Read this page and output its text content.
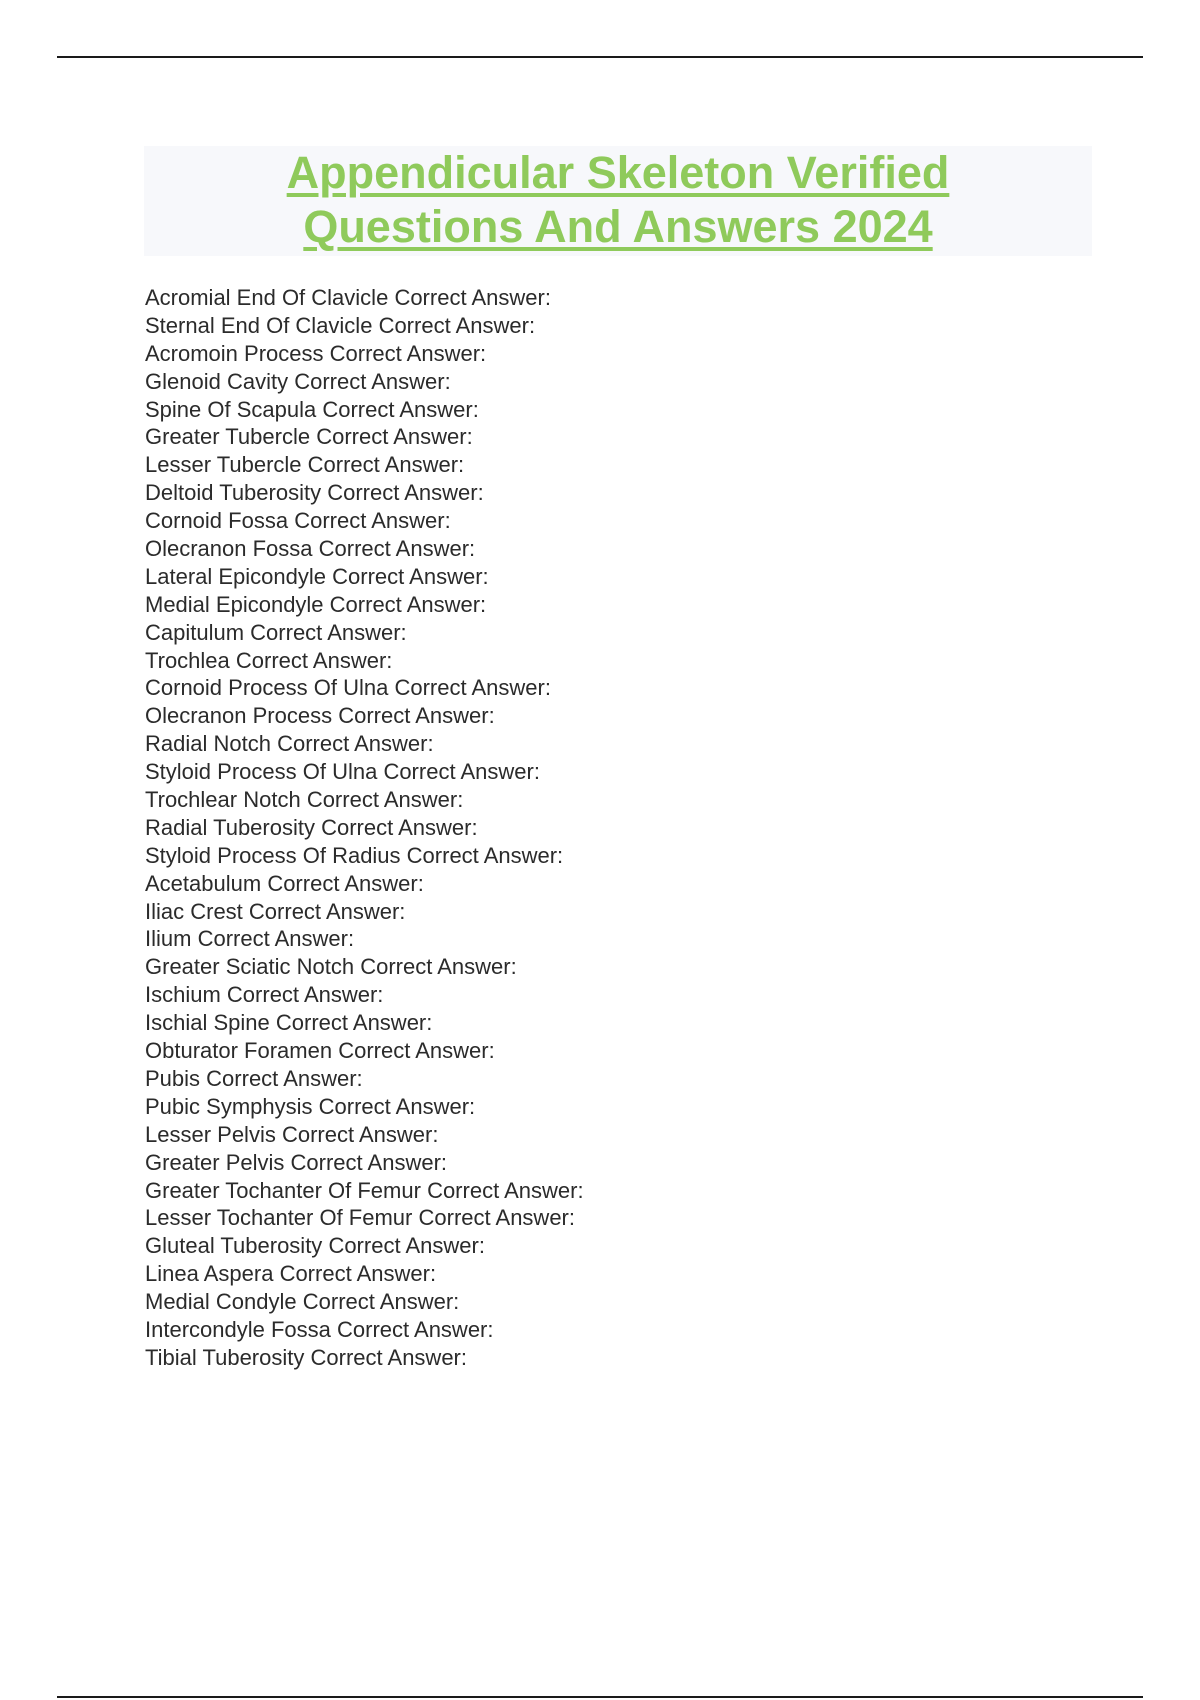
Appendicular Skeleton Verified
Questions And Answers 2024
Acromial End Of Clavicle Correct Answer:
Sternal End Of Clavicle Correct Answer:
Acromoin Process Correct Answer:
Glenoid Cavity Correct Answer:
Spine Of Scapula Correct Answer:
Greater Tubercle Correct Answer:
Lesser Tubercle Correct Answer:
Deltoid Tuberosity Correct Answer:
Cornoid Fossa Correct Answer:
Olecranon Fossa Correct Answer:
Lateral Epicondyle Correct Answer:
Medial Epicondyle Correct Answer:
Capitulum Correct Answer:
Trochlea Correct Answer:
Cornoid Process Of Ulna Correct Answer:
Olecranon Process Correct Answer:
Radial Notch Correct Answer:
Styloid Process Of Ulna Correct Answer:
Trochlear Notch Correct Answer:
Radial Tuberosity Correct Answer:
Styloid Process Of Radius Correct Answer:
Acetabulum Correct Answer:
Iliac Crest Correct Answer:
Ilium Correct Answer:
Greater Sciatic Notch Correct Answer:
Ischium Correct Answer:
Ischial Spine Correct Answer:
Obturator Foramen Correct Answer:
Pubis Correct Answer:
Pubic Symphysis Correct Answer:
Lesser Pelvis Correct Answer:
Greater Pelvis Correct Answer:
Greater Tochanter Of Femur Correct Answer:
Lesser Tochanter Of Femur Correct Answer:
Gluteal Tuberosity Correct Answer:
Linea Aspera Correct Answer:
Medial Condyle Correct Answer:
Intercondyle Fossa Correct Answer:
Tibial Tuberosity Correct Answer:
